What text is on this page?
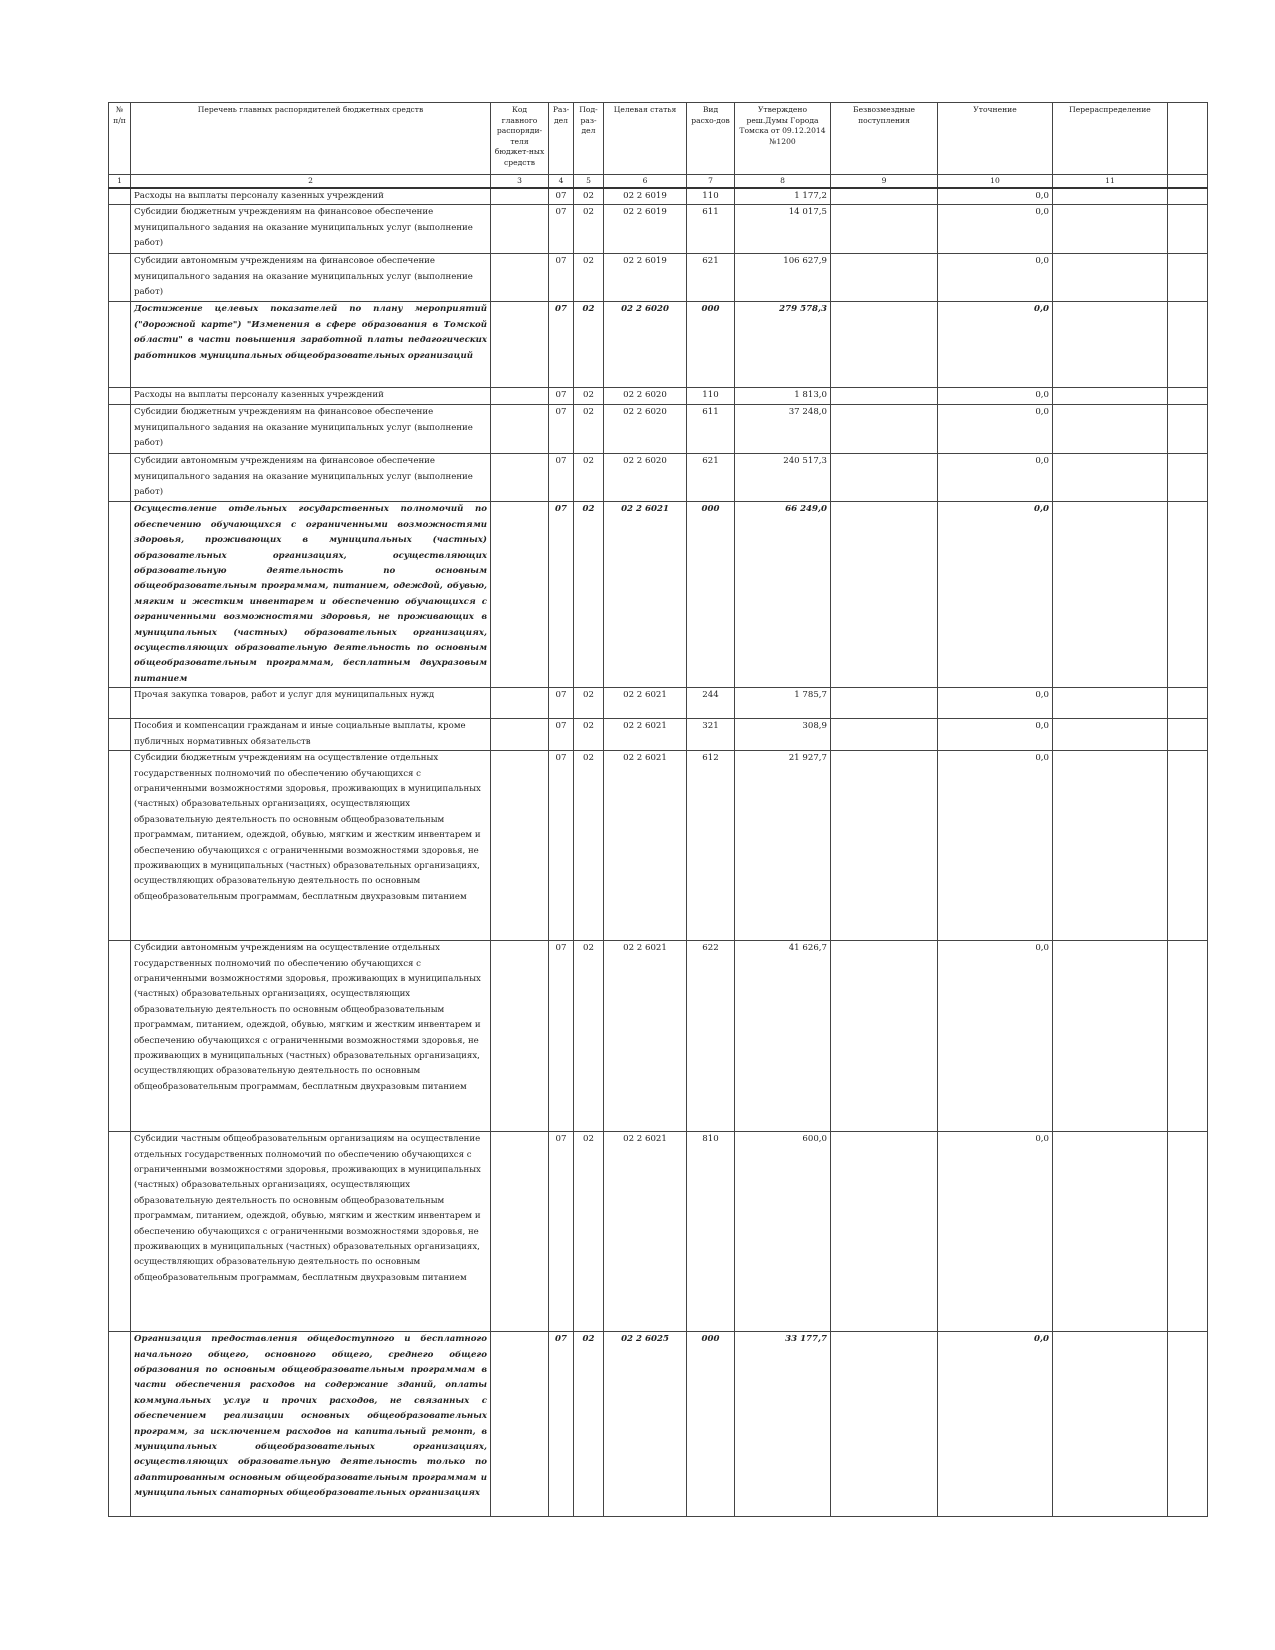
№ п/п	Перечень главных распорядителей бюджетных средств	Код главного распоряди-теля бюджет-ных средств	Раз-дел	Под-раз-дел	Целевая статья	Вид расхо-дов	Утверждено реш.Думы Города Томска от 09.12.2014 №1200	Безвозмездные поступления	Уточнение	Перераспределение	
1	2	3	4	5	6	7	8	9	10	11	
	Расходы на выплаты персоналу казенных учреждений		07	02	02 2 6019	110	1 177,2		0,0		
	Субсидии бюджетным учреждениям на финансовое обеспечение муниципального задания на оказание муниципальных услуг (выполнение работ)		07	02	02 2 6019	611	14 017,5		0,0		
	Субсидии автономным учреждениям на финансовое обеспечение муниципального задания на оказание муниципальных услуг (выполнение работ)		07	02	02 2 6019	621	106 627,9		0,0		
	Достижение целевых показателей по плану мероприятий ("дорожной карте") "Изменения в сфере образования в Томской области" в части повышения заработной платы педагогических работников муниципальных общеобразовательных организаций		07	02	02 2 6020	000	279 578,3		0,0		
	Расходы на выплаты персоналу казенных учреждений		07	02	02 2 6020	110	1 813,0		0,0		
	Субсидии бюджетным учреждениям на финансовое обеспечение муниципального задания на оказание муниципальных услуг (выполнение работ)		07	02	02 2 6020	611	37 248,0		0,0		
	Субсидии автономным учреждениям на финансовое обеспечение муниципального задания на оказание муниципальных услуг (выполнение работ)		07	02	02 2 6020	621	240 517,3		0,0		
	Осуществление отдельных государственных полномочий по обеспечению обучающихся с ограниченными возможностями здоровья, проживающих в муниципальных (частных) образовательных организациях, осуществляющих образовательную деятельность по основным общеобразовательным программам, питанием, одеждой, обувью, мягким и жестким инвентарем и обеспечению обучающихся с ограниченными возможностями здоровья, не проживающих в муниципальных (частных) образовательных организациях, осуществляющих образовательную деятельность по основным общеобразовательным программам, бесплатным двухразовым питанием		07	02	02 2 6021	000	66 249,0		0,0		
	Прочая закупка товаров, работ и услуг для муниципальных нужд		07	02	02 2 6021	244	1 785,7		0,0		
	Пособия и компенсации гражданам и иные социальные выплаты, кроме публичных нормативных обязательств		07	02	02 2 6021	321	308,9		0,0		
	Субсидии бюджетным учреждениям на осуществление отдельных государственных полномочий по обеспечению обучающихся с ограниченными возможностями здоровья, проживающих в муниципальных (частных) образовательных организациях, осуществляющих образовательную деятельность по основным общеобразовательным программам, питанием, одеждой, обувью, мягким и жестким инвентарем и обеспечению обучающихся с ограниченными возможностями здоровья, не проживающих в муниципальных (частных) образовательных организациях, осуществляющих образовательную деятельность по основным общеобразовательным программам, бесплатным двухразовым питанием		07	02	02 2 6021	612	21 927,7		0,0		
	Субсидии автономным учреждениям на осуществление отдельных государственных полномочий по обеспечению обучающихся с ограниченными возможностями здоровья, проживающих в муниципальных (частных) образовательных организациях, осуществляющих образовательную деятельность по основным общеобразовательным программам, питанием, одеждой, обувью, мягким и жестким инвентарем и обеспечению обучающихся с ограниченными возможностями здоровья, не проживающих в муниципальных (частных) образовательных организациях, осуществляющих образовательную деятельность по основным общеобразовательным программам, бесплатным двухразовым питанием		07	02	02 2 6021	622	41 626,7		0,0		
	Субсидии частным общеобразовательным организациям на осуществление отдельных государственных полномочий по обеспечению обучающихся с ограниченными возможностями здоровья, проживающих в муниципальных (частных) образовательных организациях, осуществляющих образовательную деятельность по основным общеобразовательным программам, питанием, одеждой, обувью, мягким и жестким инвентарем и обеспечению обучающихся с ограниченными возможностями здоровья, не проживающих в муниципальных (частных) образовательных организациях, осуществляющих образовательную деятельность по основным общеобразовательным программам, бесплатным двухразовым питанием		07	02	02 2 6021	810	600,0		0,0		
	Организация предоставления общедоступного и бесплатного начального общего, основного общего, среднего общего образования по основным общеобразовательным программам в части обеспечения расходов на содержание зданий, оплаты коммунальных услуг и прочих расходов, не связанных с обеспечением реализации основных общеобразовательных программ, за исключением расходов на капитальный ремонт, в муниципальных общеобразовательных организациях, осуществляющих образовательную деятельность только по адаптированным основным общеобразовательным программам и муниципальных санаторных общеобразовательных организациях		07	02	02 2 6025	000	33 177,7		0,0		
